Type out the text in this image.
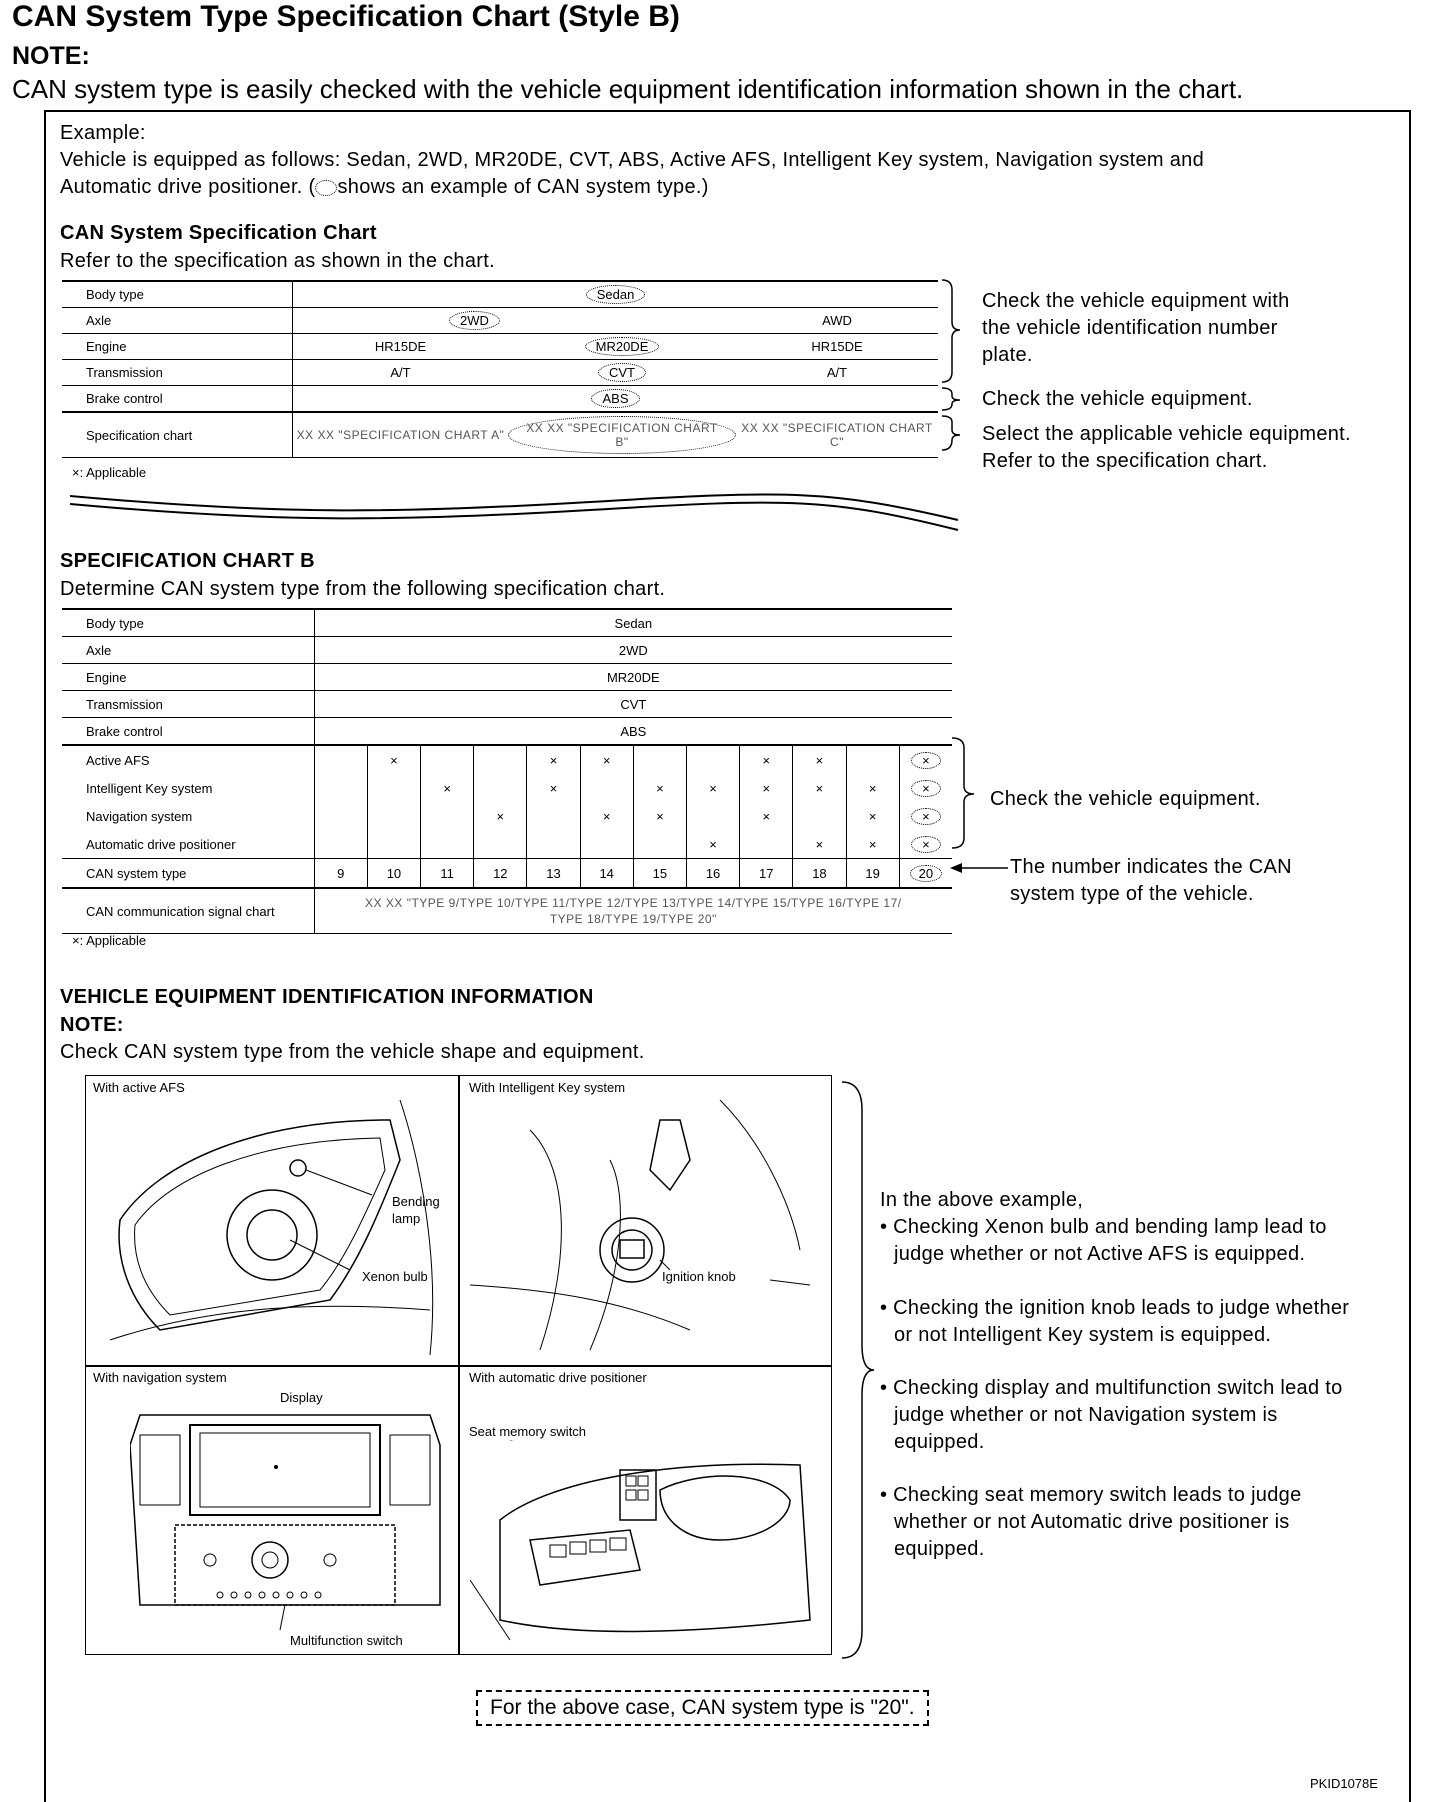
CAN System Type Specification Chart (Style B)
NOTE:
CAN system type is easily checked with the vehicle equipment identification information shown in the chart.
Example:
Vehicle is equipped as follows: Sedan, 2WD, MR20DE, CVT, ABS, Active AFS, Intelligent Key system, Navigation system and
Automatic drive positioner. ( shows an example of CAN system type.)
CAN System Specification Chart
Refer to the specification as shown in the chart.
Body type	Sedan		
Axle	2WD		AWD
Engine	HR15DE	MR20DE	HR15DE
Transmission	A/T	CVT	A/T
Brake control	ABS		
Specification chart	XX XX "SPECIFICATION CHART A"	XX XX "SPECIFICATION CHART B"	XX XX "SPECIFICATION CHART C"
×: Applicable
Check the vehicle equipment with
the vehicle identification number
plate.
Check the vehicle equipment.
Select the applicable vehicle equipment.
Refer to the specification chart.
SPECIFICATION CHART B
Determine CAN system type from the following specification chart.
Body type	Sedan											
Axle	2WD											
Engine	MR20DE											
Transmission	CVT											
Brake control	ABS											
Active AFS		×			×	×			×	×		×
Intelligent Key system			×		×		×	×	×	×	×	×
Navigation system				×		×	×		×		×	×
Automatic drive positioner								×		×	×	×
CAN system type	9	10	11	12	13	14	15	16	17	18	19	20
CAN communication signal chart	XX XX "TYPE 9/TYPE 10/TYPE 11/TYPE 12/TYPE 13/TYPE 14/TYPE 15/TYPE 16/TYPE 17/
TYPE 18/TYPE 19/TYPE 20"											
×: Applicable
Check the vehicle equipment.
The number indicates the CAN
system type of the vehicle.
VEHICLE EQUIPMENT IDENTIFICATION INFORMATION
NOTE:
Check CAN system type from the vehicle shape and equipment.
With active AFS
Bending
lamp
Xenon bulb
With Intelligent Key system
Ignition knob
With navigation system
Display
Multifunction switch
With automatic drive positioner
Seat memory switch
In the above example,
• Checking Xenon bulb and bending lamp lead to
judge whether or not Active AFS is equipped.
• Checking the ignition knob leads to judge whether
or not Intelligent Key system is equipped.
• Checking display and multifunction switch lead to
judge whether or not Navigation system is
equipped.
• Checking seat memory switch leads to judge
whether or not Automatic drive positioner is
equipped.
For the above case, CAN system type is "20".
PKID1078E
